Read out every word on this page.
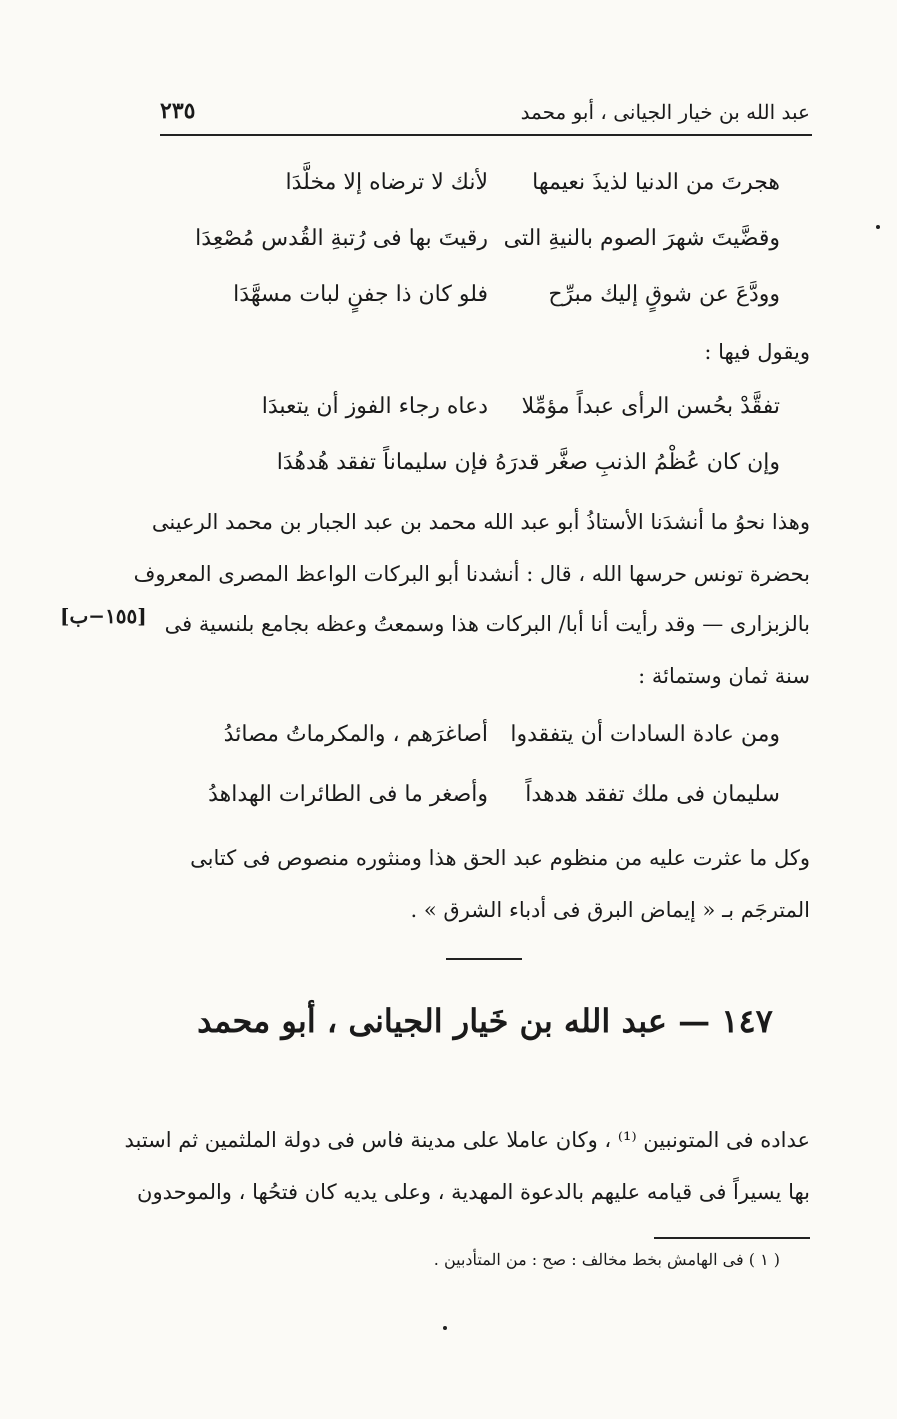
عبد الله بن خيار الجيانى ، أبو محمد
٢٣٥
هجرتَ من الدنيا لذيذَ نعيمها
لأنك لا ترضاه إلا مخلَّدَا
وقضَّيتَ شهرَ الصوم بالنيةِ التى
رقيتَ بها فى رُتبةِ القُدس مُصْعِدَا
وودَّعَ عن شوقٍ إليك مبرِّح
فلو كان ذا جفنٍ لبات مسهَّدَا
ويقول فيها :
تفقَّدْ بحُسن الرأى عبداً مؤمِّلا
دعاه رجاء الفوز أن يتعبدَا
وإن كان عُظْمُ الذنبِ صغَّر قدرَهُ
فإن سليماناً تفقد هُدهُدَا
وهذا نحوُ ما أنشدَنا الأستاذُ أبو عبد الله محمد بن عبد الجبار بن محمد الرعينى
بحضرة تونس حرسها الله ، قال : أنشدنا أبو البركات الواعظ المصرى المعروف
بالزبزارى — وقد رأيت أنا أبا/ البركات هذا وسمعتُ وعظه بجامع بلنسية فى
سنة ثمان وستمائة :
[١٥٥−ب]
ومن عادة السادات أن يتفقدوا
أصاغرَهم ، والمكرماتُ مصائدُ
سليمان فى ملك تفقد هدهداً
وأصغر ما فى الطائرات الهداهدُ
وكل ما عثرت عليه من منظوم عبد الحق هذا ومنثوره منصوص فى كتابى
المترجَم بـ « إيماض البرق فى أدباء الشرق » .
١٤٧ — عبد الله بن خَيار الجيانى ، أبو محمد
عداده فى المتونبين ⁽¹⁾ ، وكان عاملا على مدينة فاس فى دولة الملثمين ثم استبد
بها يسيراً فى قيامه عليهم بالدعوة المهدية ، وعلى يديه كان فتحُها ، والموحدون
( ١ ) فى الهامش بخط مخالف : صح : من المتأدبين .
